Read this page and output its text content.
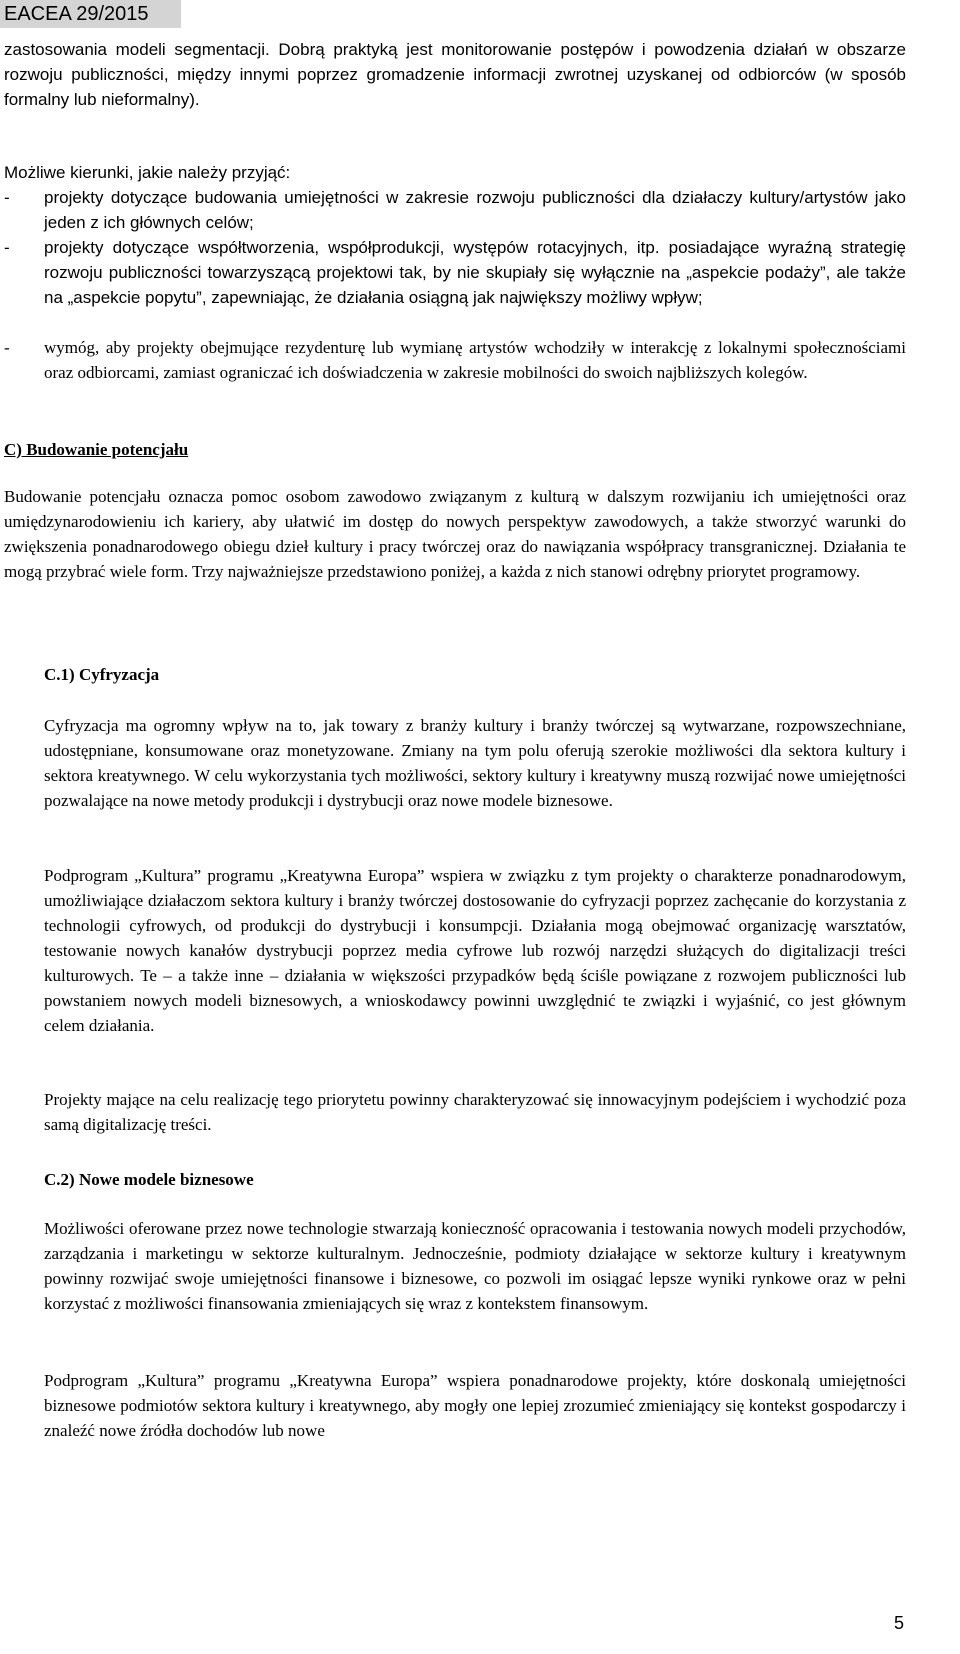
EACEA 29/2015
zastosowania modeli segmentacji. Dobrą praktyką jest monitorowanie postępów i powodzenia działań w obszarze rozwoju publiczności, między innymi poprzez gromadzenie informacji zwrotnej uzyskanej od odbiorców (w sposób formalny lub nieformalny).
Możliwe kierunki, jakie należy przyjąć:
- projekty dotyczące budowania umiejętności w zakresie rozwoju publiczności dla działaczy kultury/artystów jako jeden z ich głównych celów;
- projekty dotyczące współtworzenia, współprodukcji, występów rotacyjnych, itp. posiadające wyraźną strategię rozwoju publiczności towarzyszącą projektowi tak, by nie skupiały się wyłącznie na „aspekcie podaży”, ale także na „aspekcie popytu”, zapewniając, że działania osiągną jak największy możliwy wpływ;
- wymóg, aby projekty obejmujące rezydenturę lub wymianę artystów wchodziły w interakcję z lokalnymi społecznościami oraz odbiorcami, zamiast ograniczać ich doświadczenia w zakresie mobilności do swoich najbliższych kolegów.
C) Budowanie potencjału
Budowanie potencjału oznacza pomoc osobom zawodowo związanym z kulturą w dalszym rozwijaniu ich umiejętności oraz umiędzynarodowieniu ich kariery, aby ułatwić im dostęp do nowych perspektyw zawodowych, a także stworzyć warunki do zwiększenia ponadnarodowego obiegu dzieł kultury i pracy twórczej oraz do nawiązania współpracy transgranicznej. Działania te mogą przybrać wiele form. Trzy najważniejsze przedstawiono poniżej, a każda z nich stanowi odrębny priorytet programowy.
C.1) Cyfryzacja
Cyfryzacja ma ogromny wpływ na to, jak towary z branży kultury i branży twórczej są wytwarzane, rozpowszechniane, udostępniane, konsumowane oraz monetyzowane. Zmiany na tym polu oferują szerokie możliwości dla sektora kultury i sektora kreatywnego. W celu wykorzystania tych możliwości, sektory kultury i kreatywny muszą rozwijać nowe umiejętności pozwalające na nowe metody produkcji i dystrybucji oraz nowe modele biznesowe.
Podprogram „Kultura” programu „Kreatywna Europa” wspiera w związku z tym projekty o charakterze ponadnarodowym, umożliwiające działaczom sektora kultury i branży twórczej dostosowanie do cyfryzacji poprzez zachęcanie do korzystania z technologii cyfrowych, od produkcji do dystrybucji i konsumpcji. Działania mogą obejmować organizację warsztatów, testowanie nowych kanałów dystrybucji poprzez media cyfrowe lub rozwój narzędzi służących do digitalizacji treści kulturowych. Te – a także inne – działania w większości przypadków będą ściśle powiązane z rozwojem publiczności lub powstaniem nowych modeli biznesowych, a wnioskodawcy powinni uwzględnić te związki i wyjaśnić, co jest głównym celem działania.
Projekty mające na celu realizację tego priorytetu powinny charakteryzować się innowacyjnym podejściem i wychodzić poza samą digitalizację treści.
C.2) Nowe modele biznesowe
Możliwości oferowane przez nowe technologie stwarzają konieczność opracowania i testowania nowych modeli przychodów, zarządzania i marketingu w sektorze kulturalnym. Jednocześnie, podmioty działające w sektorze kultury i kreatywnym powinny rozwijać swoje umiejętności finansowe i biznesowe, co pozwoli im osiągać lepsze wyniki rynkowe oraz w pełni korzystać z możliwości finansowania zmieniających się wraz z kontekstem finansowym.
Podprogram „Kultura” programu „Kreatywna Europa” wspiera ponadnarodowe projekty, które doskonalą umiejętności biznesowe podmiotów sektora kultury i kreatywnego, aby mogły one lepiej zrozumieć zmieniający się kontekst gospodarczy i znaleźć nowe źródła dochodów lub nowe
5
